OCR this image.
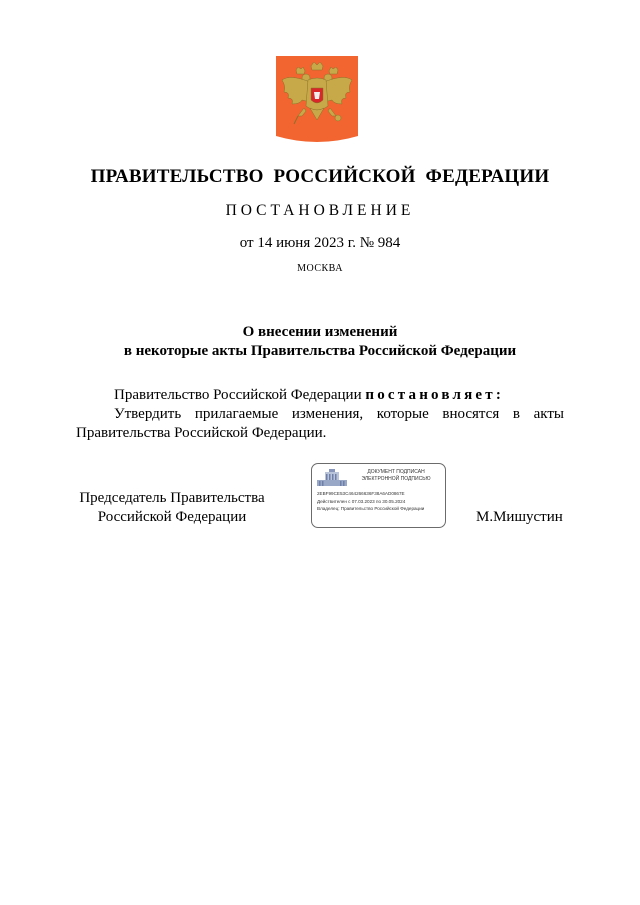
ПРАВИТЕЛЬСТВО РОССИЙСКОЙ ФЕДЕРАЦИИ
ПОСТАНОВЛЕНИЕ
от 14 июня 2023 г. № 984
МОСКВА
О внесении изменений
в некоторые акты Правительства Российской Федерации
Правительство Российской Федерации постановляет:
Утвердить прилагаемые изменения, которые вносятся в акты Правительства Российской Федерации.
Председатель Правительства
Российской Федерации
ДОКУМЕНТ ПОДПИСАН
ЭЛЕКТРОННОЙ ПОДПИСЬЮ
2EBF99CE53C464266636F38A6AD0867E
Действителен с 07.03.2023 по 30.05.2024
Владелец: Правительство Российской Федерации
М.Мишустин
